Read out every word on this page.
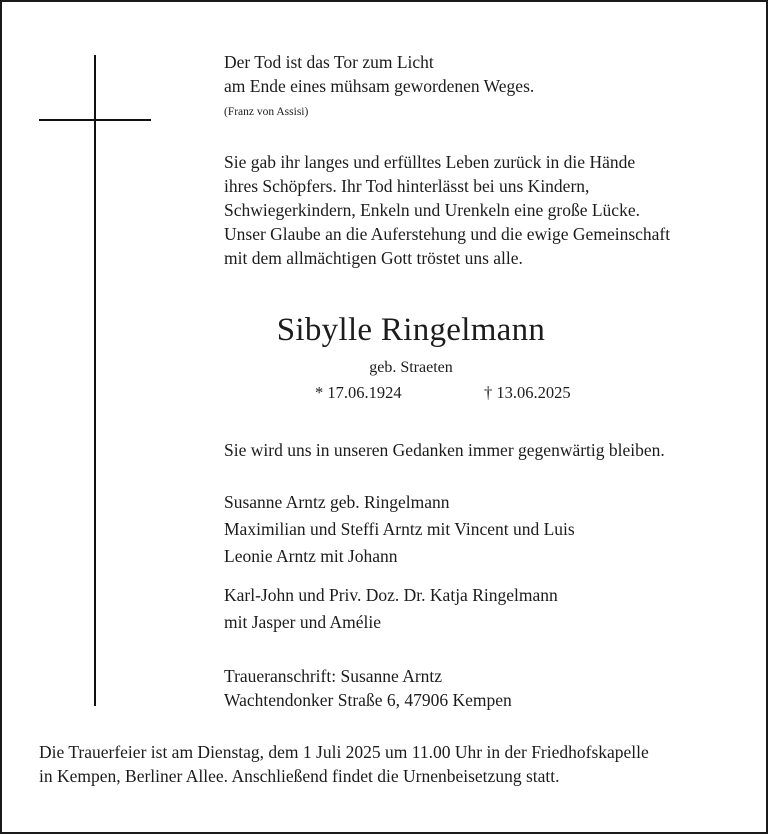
Der Tod ist das Tor zum Licht
am Ende eines mühsam gewordenen Weges.
(Franz von Assisi)
Sie gab ihr langes und erfülltes Leben zurück in die Hände
ihres Schöpfers. Ihr Tod hinterlässt bei uns Kindern,
Schwiegerkindern, Enkeln und Urenkeln eine große Lücke.
Unser Glaube an die Auferstehung und die ewige Gemeinschaft
mit dem allmächtigen Gott tröstet uns alle.
Sibylle Ringelmann
geb. Straeten
* 17.06.1924	† 13.06.2025
Sie wird uns in unseren Gedanken immer gegenwärtig bleiben.
Susanne Arntz geb. Ringelmann
Maximilian und Steffi Arntz mit Vincent und Luis
Leonie Arntz mit Johann
Karl-John und Priv. Doz. Dr. Katja Ringelmann
mit Jasper und Amélie
Traueranschrift: Susanne Arntz
Wachtendonker Straße 6, 47906 Kempen
Die Trauerfeier ist am Dienstag, dem 1 Juli 2025 um 11.00 Uhr in der Friedhofskapelle
in Kempen, Berliner Allee. Anschließend findet die Urnenbeisetzung statt.
